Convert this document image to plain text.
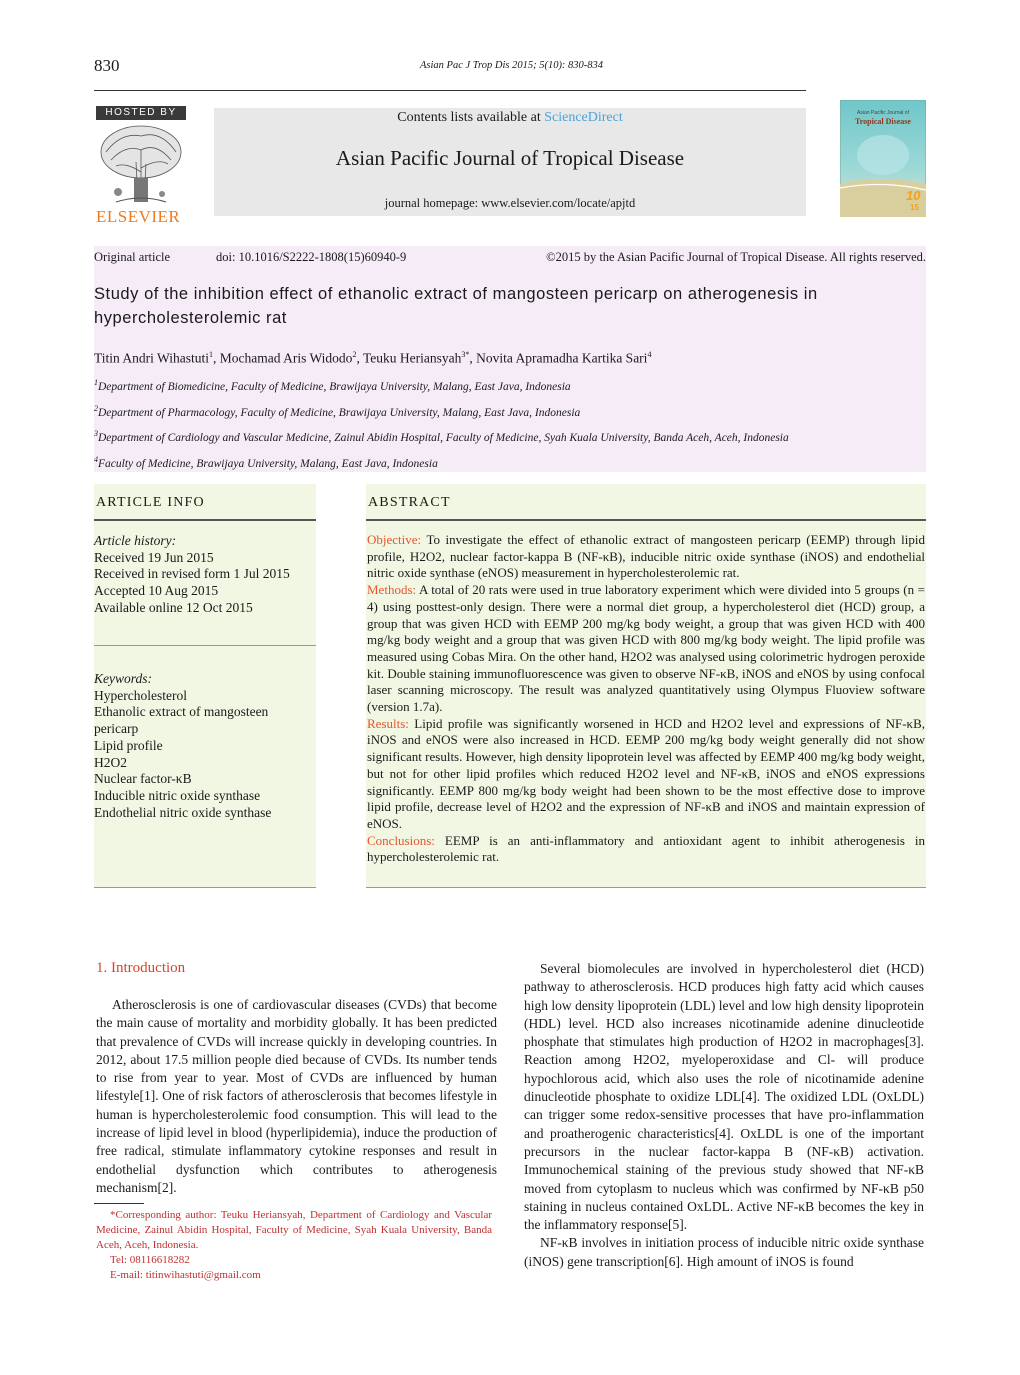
830	Asian Pac J Trop Dis 2015; 5(10): 830-834
HOSTED BY
ELSEVIER
Contents lists available at ScienceDirect
Asian Pacific Journal of Tropical Disease
journal homepage: www.elsevier.com/locate/apjtd
Asian Pacific Journal of
Tropical Disease
10
15
Original article	doi: 10.1016/S2222-1808(15)60940-9	©2015 by the Asian Pacific Journal of Tropical Disease. All rights reserved.
Study of the inhibition effect of ethanolic extract of mangosteen pericarp on atherogenesis in hypercholesterolemic rat
Titin Andri Wihastuti$^1$, Mochamad Aris Widodo$^2$, Teuku Heriansyah$^{3*}$, Novita Apramadha Kartika Sari$^4$
$^1$Department of Biomedicine, Faculty of Medicine, Brawijaya University, Malang, East Java, Indonesia
$^2$Department of Pharmacology, Faculty of Medicine, Brawijaya University, Malang, East Java, Indonesia
$^3$Department of Cardiology and Vascular Medicine, Zainul Abidin Hospital, Faculty of Medicine, Syah Kuala University, Banda Aceh, Aceh, Indonesia
$^4$Faculty of Medicine, Brawijaya University, Malang, East Java, Indonesia
ARTICLE INFO
Article history:
Received 19 Jun 2015
Received in revised form 1 Jul 2015
Accepted 10 Aug 2015
Available online 12 Oct 2015
Keywords:
Hypercholesterol
Ethanolic extract of mangosteen pericarp
Lipid profile
H2O2
Nuclear factor-κB
Inducible nitric oxide synthase
Endothelial nitric oxide synthase
ABSTRACT
Objective: To investigate the effect of ethanolic extract of mangosteen pericarp (EEMP) through lipid profile, H2O2, nuclear factor-kappa B (NF-κB), inducible nitric oxide synthase (iNOS) and endothelial nitric oxide synthase (eNOS) measurement in hypercholesterolemic rat.
Methods: A total of 20 rats were used in true laboratory experiment which were divided into 5 groups (n = 4) using posttest-only design. There were a normal diet group, a hypercholesterol diet (HCD) group, a group that was given HCD with EEMP 200 mg/kg body weight, a group that was given HCD with 400 mg/kg body weight and a group that was given HCD with 800 mg/kg body weight. The lipid profile was measured using Cobas Mira. On the other hand, H2O2 was analysed using colorimetric hydrogen peroxide kit. Double staining immunofluorescence was given to observe NF-κB, iNOS and eNOS by using confocal laser scanning microscopy. The result was analyzed quantitatively using Olympus Fluoview software (version 1.7a).
Results: Lipid profile was significantly worsened in HCD and H2O2 level and expressions of NF-κB, iNOS and eNOS were also increased in HCD. EEMP 200 mg/kg body weight generally did not show significant results. However, high density lipoprotein level was affected by EEMP 400 mg/kg body weight, but not for other lipid profiles which reduced H2O2 level and NF-κB, iNOS and eNOS expressions significantly. EEMP 800 mg/kg body weight had been shown to be the most effective dose to improve lipid profile, decrease level of H2O2 and the expression of NF-κB and iNOS and maintain expression of eNOS.
Conclusions: EEMP is an anti-inflammatory and antioxidant agent to inhibit atherogenesis in hypercholesterolemic rat.
1. Introduction

Atherosclerosis is one of cardiovascular diseases (CVDs) that become the main cause of mortality and morbidity globally. It has been predicted that prevalence of CVDs will increase quickly in developing countries. In 2012, about 17.5 million people died because of CVDs. Its number tends to rise from year to year. Most of CVDs are influenced by human lifestyle[1]. One of risk factors of atherosclerosis that becomes lifestyle in human is hypercholesterolemic food consumption. This will lead to the increase of lipid level in blood (hyperlipidemia), induce the production of free radical, stimulate inflammatory cytokine responses and result in endothelial dysfunction which contributes to atherogenesis mechanism[2].

Several biomolecules are involved in hypercholesterol diet (HCD) pathway to atherosclerosis. HCD produces high fatty acid which causes high low density lipoprotein (LDL) level and low high density lipoprotein (HDL) level. HCD also increases nicotinamide adenine dinucleotide phosphate that stimulates high production of H2O2 in macrophages[3]. Reaction among H2O2, myeloperoxidase and Cl- will produce hypochlorous acid, which also uses the role of nicotinamide adenine dinucleotide phosphate to oxidize LDL[4]. The oxidized LDL (OxLDL) can trigger some redox-sensitive processes that have pro-inflammation and proatherogenic characteristics[4]. OxLDL is one of the important precursors in the nuclear factor-kappa B (NF-κB) activation. Immunochemical staining of the previous study showed that NF-κB moved from cytoplasm to nucleus which was confirmed by NF-κB p50 staining in nucleus contained OxLDL. Active NF-κB becomes the key in the inflammatory response[5].

NF-κB involves in initiation process of inducible nitric oxide synthase (iNOS) gene transcription[6]. High amount of iNOS is found

*Corresponding author: Teuku Heriansyah, Department of Cardiology and Vascular Medicine, Zainul Abidin Hospital, Faculty of Medicine, Syah Kuala University, Banda Aceh, Aceh, Indonesia.
Tel: 08116618282
E-mail: titinwihastuti@gmail.com
